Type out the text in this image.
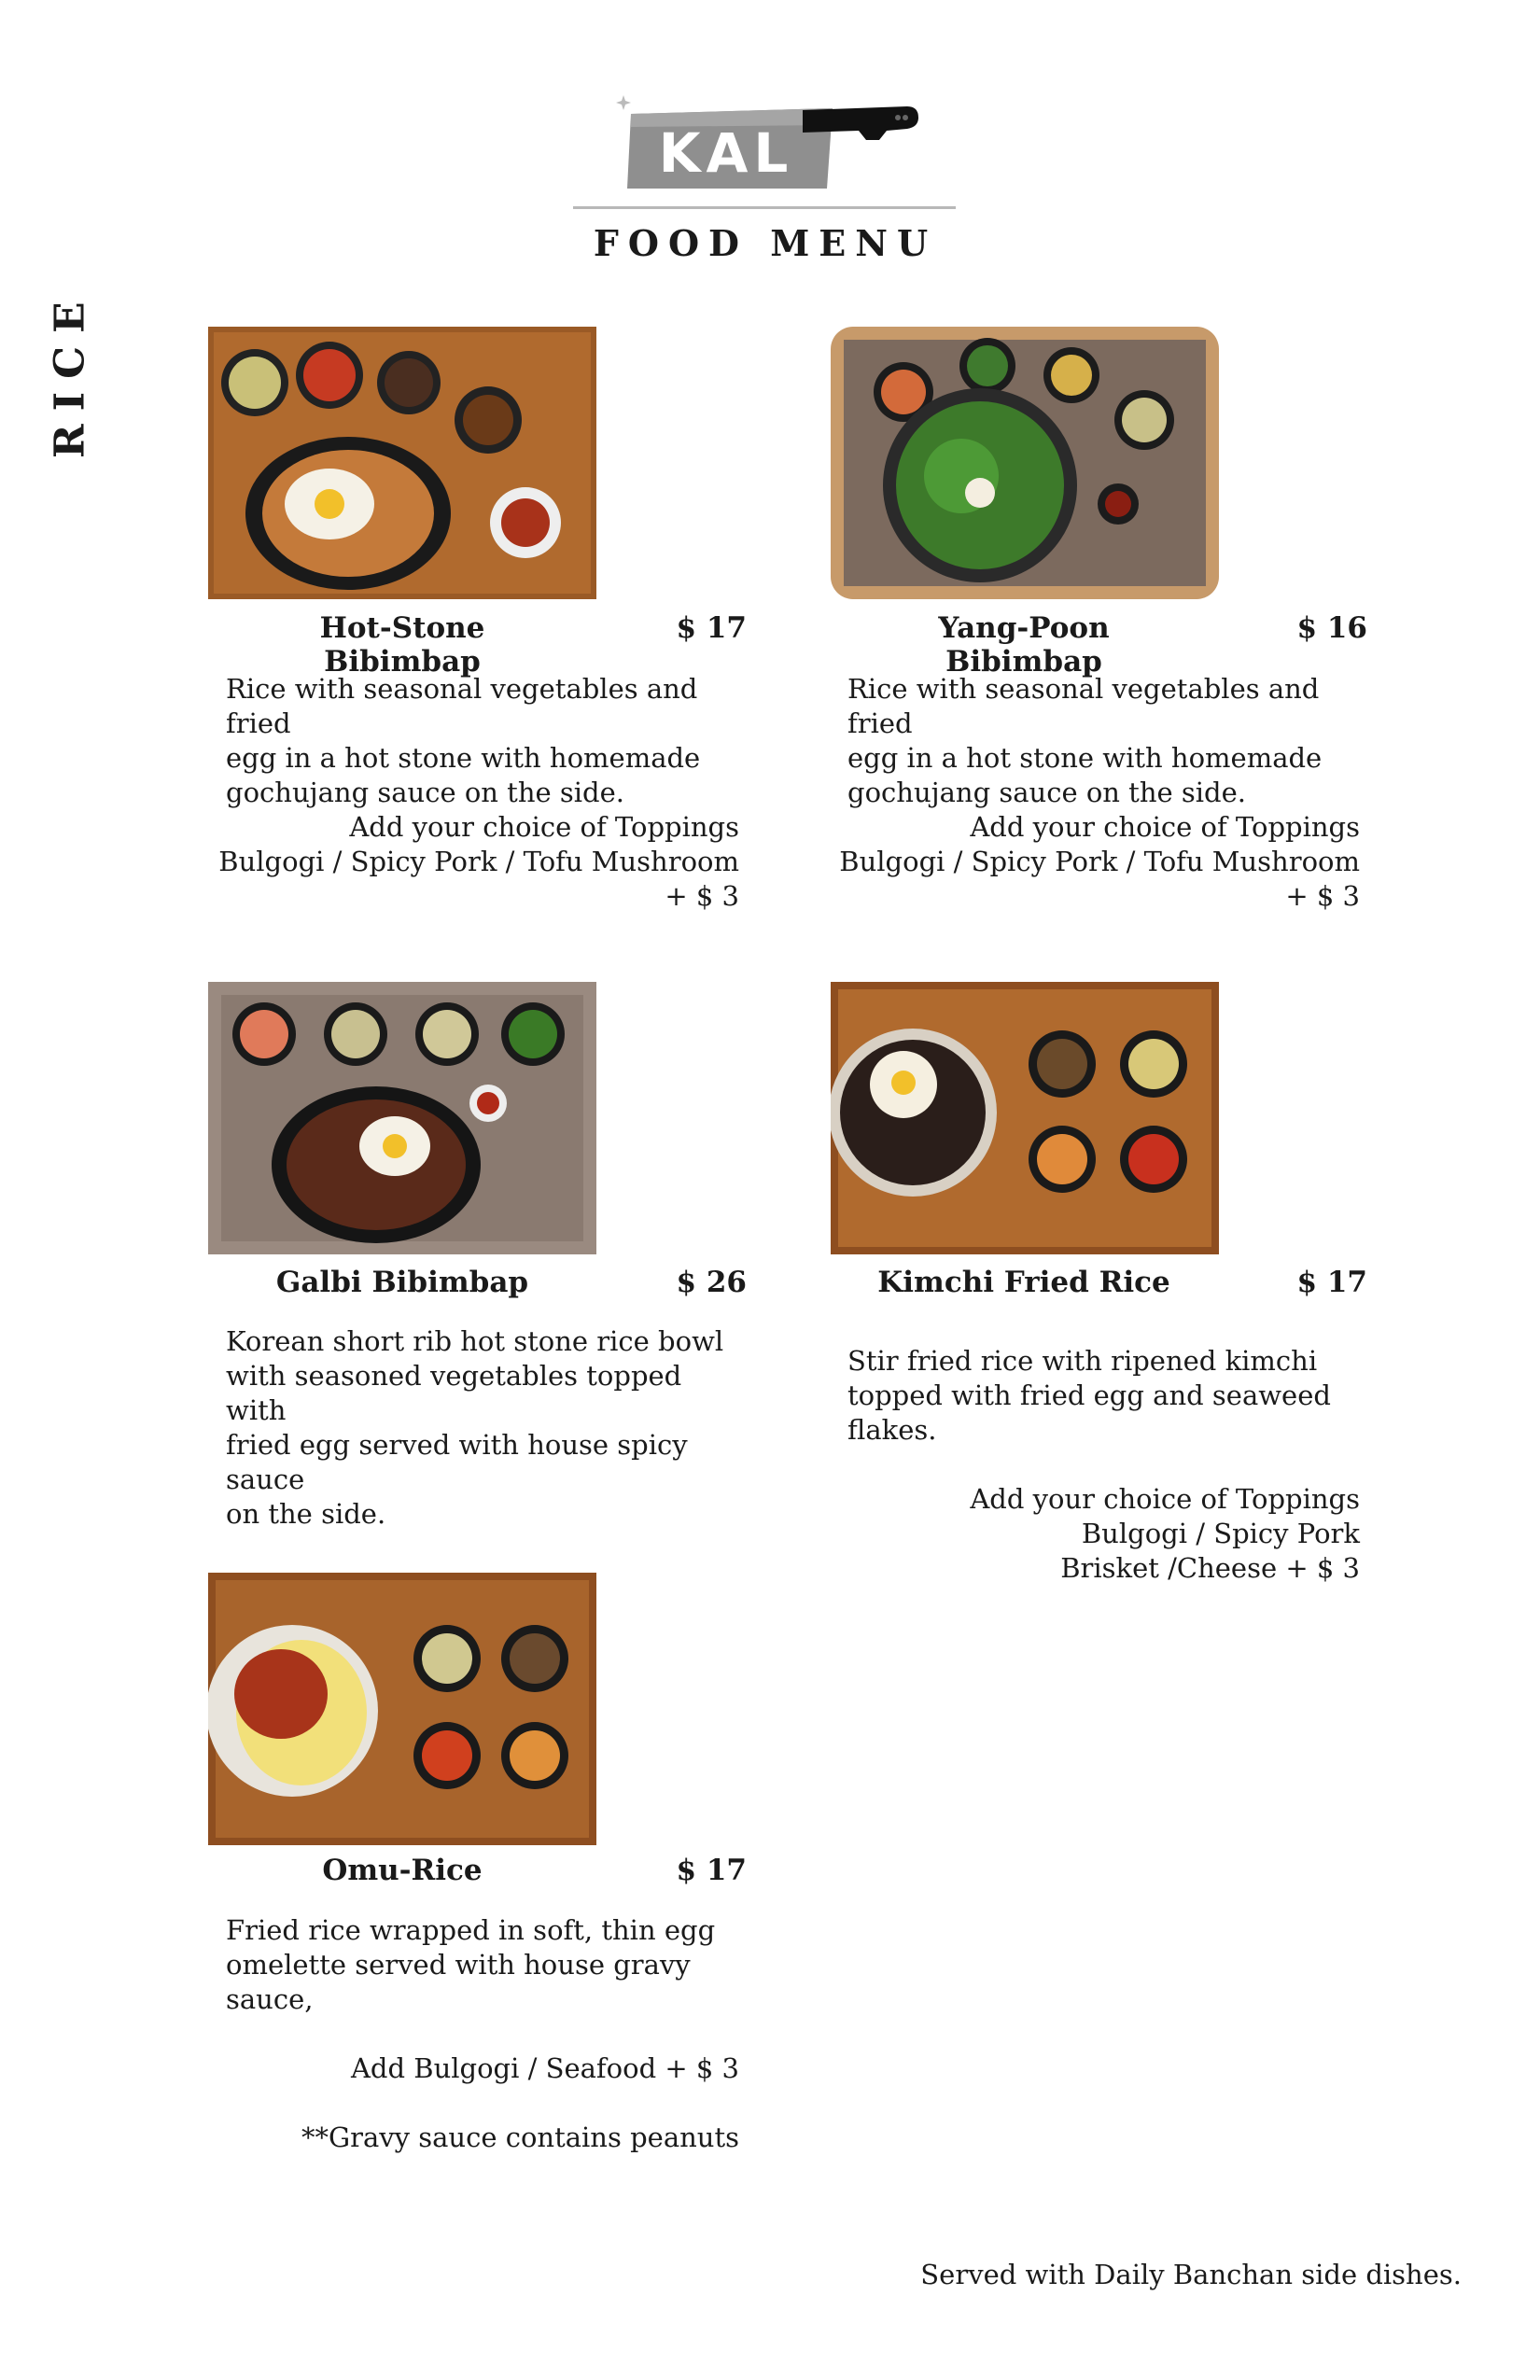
KAL
FOOD MENU
RICE
Hot-Stone Bibimbap
$ 17
Rice with seasonal vegetables and fried
egg in a hot stone with homemade
gochujang sauce on the side.
Add your choice of Toppings
Bulgogi / Spicy Pork / Tofu Mushroom
+ $ 3
Yang-Poon Bibimbap
$ 16
Rice with seasonal vegetables and fried
egg in a hot stone with homemade
gochujang sauce on the side.
Add your choice of Toppings
Bulgogi / Spicy Pork / Tofu Mushroom
+ $ 3
Galbi Bibimbap	$ 26
Korean short rib hot stone rice bowl
with seasoned vegetables topped with
fried egg served with house spicy sauce
on the side.
Kimchi Fried Rice	$ 17
Stir fried rice with ripened kimchi
topped with fried egg and seaweed
flakes.
Add your choice of Toppings
Bulgogi / Spicy Pork
Brisket /Cheese + $ 3
Omu-Rice	$ 17
Fried rice wrapped in soft, thin egg
omelette served with house gravy
sauce,
Add Bulgogi / Seafood + $ 3
**Gravy sauce contains peanuts
Served with Daily Banchan side dishes.
